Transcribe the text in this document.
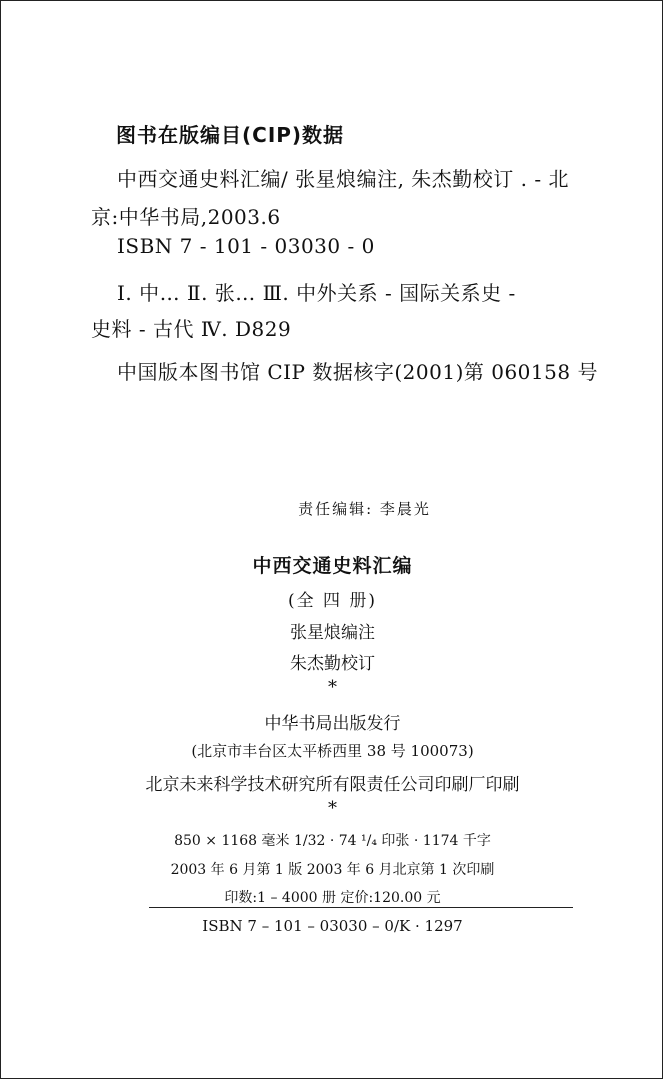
图书在版编目(CIP)数据
中西交通史料汇编/ 张星烺编注, 朱杰勤校订 . - 北
京:中华书局,2003.6
ISBN 7 - 101 - 03030 - 0
Ⅰ. 中… Ⅱ. 张… Ⅲ. 中外关系 - 国际关系史 -
史料 - 古代 Ⅳ. D829
中国版本图书馆 CIP 数据核字(2001)第 060158 号
责任编辑: 李晨光
中西交通史料汇编
(全 四 册)
张星烺编注
朱杰勤校订
*
中华书局出版发行
(北京市丰台区太平桥西里 38 号 100073)
北京未来科学技术研究所有限责任公司印刷厂印刷
*
850 × 1168 毫米 1/32 · 74 ¹/₄ 印张 · 1174 千字
2003 年 6 月第 1 版 2003 年 6 月北京第 1 次印刷
印数:1 – 4000 册 定价:120.00 元
ISBN 7 – 101 – 03030 – 0/K · 1297
